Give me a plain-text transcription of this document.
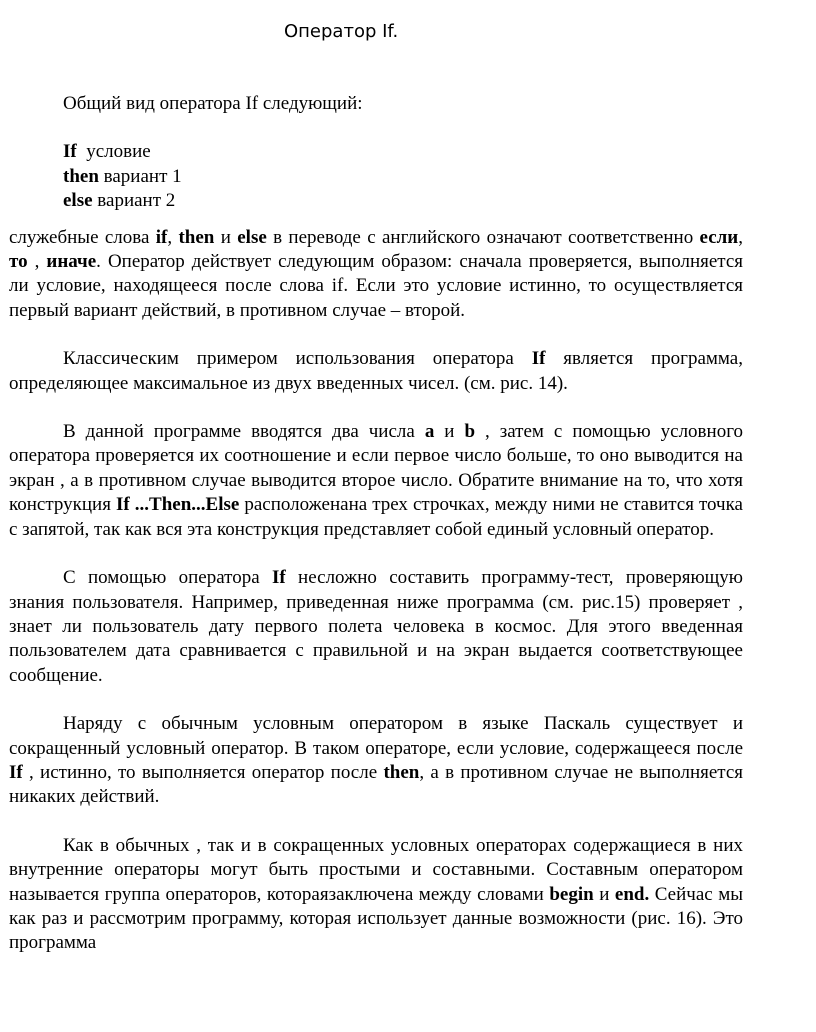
Оператор If.

Общий вид оператора If следующий:

If  условие
then вариант 1
else вариант 2

служебные слова if, then и else в переводе с английского означают соответственно если, то , иначе. Оператор действует следующим образом: сначала проверяется, выполняется ли условие, находящееся после слова if. Если это условие истинно, то осуществляется первый вариант действий, в противном случае – второй.

Классическим примером использования оператора If является программа, определяющее максимальное из двух введенных чисел. (см. рис. 14).

В данной программе вводятся два числа a и b , затем с помощью условного оператора проверяется их соотношение и если первое число больше, то оно выводится на экран , а в противном случае выводится второе число. Обратите внимание на то, что хотя конструкция If ...Then...Else расположенана трех строчках, между ними не ставится точка с запятой, так как вся эта конструкция представляет собой единый условный оператор.

С помощью оператора If несложно составить программу-тест, проверяющую знания пользователя. Например, приведенная ниже программа (см. рис.15) проверяет , знает ли пользователь дату первого полета человека в космос. Для этого введенная пользователем дата сравнивается с правильной и на экран выдается соответствующее сообщение.

Наряду с обычным условным оператором в языке Паскаль существует и сокращенный условный оператор. В таком операторе, если условие, содержащееся после If , истинно, то выполняется оператор после then, а в противном случае не выполняется никаких действий.

Как в обычных , так и в сокращенных условных операторах содержащиеся в них внутренние операторы могут быть простыми и составными. Составным оператором называется группа операторов, котораязаключена между словами begin и end. Сейчас мы как раз и рассмотрим программу, которая использует данные возможности (рис. 16). Это программа
